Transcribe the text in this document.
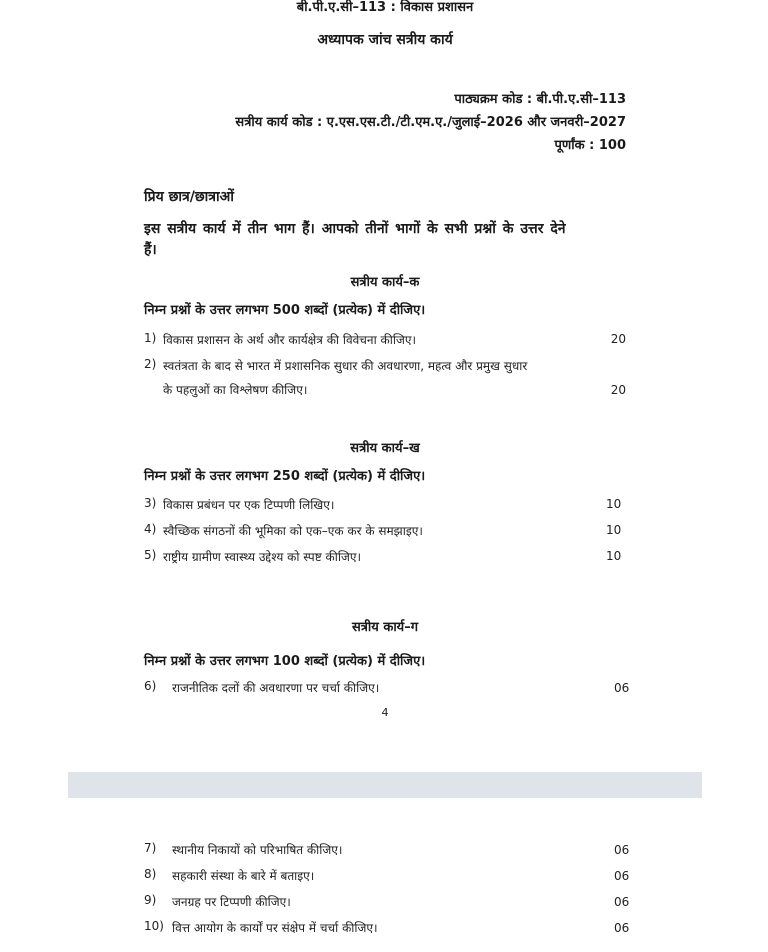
बी.पी.ए.सी–113 : विकास प्रशासन
अध्यापक जांच सत्रीय कार्य
पाठ्यक्रम कोड : बी.पी.ए.सी–113
सत्रीय कार्य कोड : ए.एस.एस.टी./टी.एम.ए./जुलाई–2026 और जनवरी–2027
पूर्णांक : 100
प्रिय छात्र/छात्राओं
इस सत्रीय कार्य में तीन भाग हैं। आपको तीनों भागों के सभी प्रश्नों के उत्तर देने
हैं।
सत्रीय कार्य–क
निम्न प्रश्नों के उत्तर लगभग 500 शब्दों (प्रत्येक) में दीजिए।
1) विकास प्रशासन के अर्थ और कार्यक्षेत्र की विवेचना कीजिए।	20
2) स्वतंत्रता के बाद से भारत में प्रशासनिक सुधार की अवधारणा, महत्व और प्रमुख सुधार
के पहलुओं का विश्लेषण कीजिए।	20
सत्रीय कार्य–ख
निम्न प्रश्नों के उत्तर लगभग 250 शब्दों (प्रत्येक) में दीजिए।
3) विकास प्रबंधन पर एक टिप्पणी लिखिए।	10
4) स्वैच्छिक संगठनों की भूमिका को एक–एक कर के समझाइए।	10
5) राष्ट्रीय ग्रामीण स्वास्थ्य उद्देश्य को स्पष्ट कीजिए।	10
सत्रीय कार्य–ग
निम्न प्रश्नों के उत्तर लगभग 100 शब्दों (प्रत्येक) में दीजिए।
6) राजनीतिक दलों की अवधारणा पर चर्चा कीजिए।	06
4
7) स्थानीय निकायों को परिभाषित कीजिए।	06
8) सहकारी संस्था के बारे में बताइए।	06
9) जनग्रह पर टिप्पणी कीजिए।	06
10) वित्त आयोग के कार्यों पर संक्षेप में चर्चा कीजिए।	06
